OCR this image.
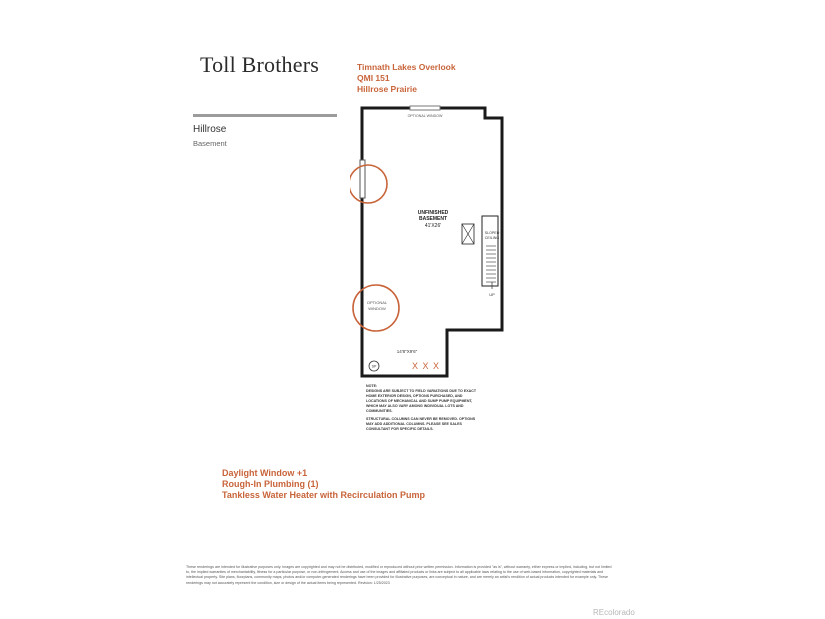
Toll Brothers	Timnath Lakes Overlook
QMI 151
Hillrose Prairie
Hillrose
Basement
OPTIONAL WINDOW
OPTIONAL
WINDOW
UNFINISHED
BASEMENT
41'X26'
UP
SLOPED
CEILING
14'8"X9'6"
SP	X X X
NOTE:
DESIGNS ARE SUBJECT TO FIELD VARIATIONS DUE TO EXACT
HOME EXTERIOR DESIGN, OPTIONS PURCHASED, AND
LOCATIONS OF MECHANICAL AND SUMP PUMP EQUIPMENT,
WHICH MAY ALSO VARY AMONG INDIVIDUAL LOTS AND
COMMUNITIES.
STRUCTURAL COLUMNS CAN NEVER BE REMOVED. OPTIONS
MAY ADD ADDITIONAL COLUMNS. PLEASE SEE SALES
CONSULTANT FOR SPECIFIC DETAILS.
Daylight Window +1
Rough-In Plumbing (1)
Tankless Water Heater with Recirculation Pump
These renderings are intended for illustrative purposes only. Images are copyrighted and may not be distributed, modified or reproduced without prior written permission. Information is provided "as is", without warranty, either express or implied, including, but not limited to, the implied warranties of merchantability, fitness for a particular purpose, or non-infringement. Access and use of the images and affiliated products or links are subject to all applicable laws relating to the use of web-based information, copyrighted materials and intellectual property. Site plans, floorplans, community maps, photos and/or computer-generated renderings have been provided for illustrative purposes, are conceptual in nature, and are merely an artist's rendition of actual products intended for example only. These renderings may not accurately represent the condition, size or design of the actual items being represented. Revision: 1/25/2023
REcolorado
